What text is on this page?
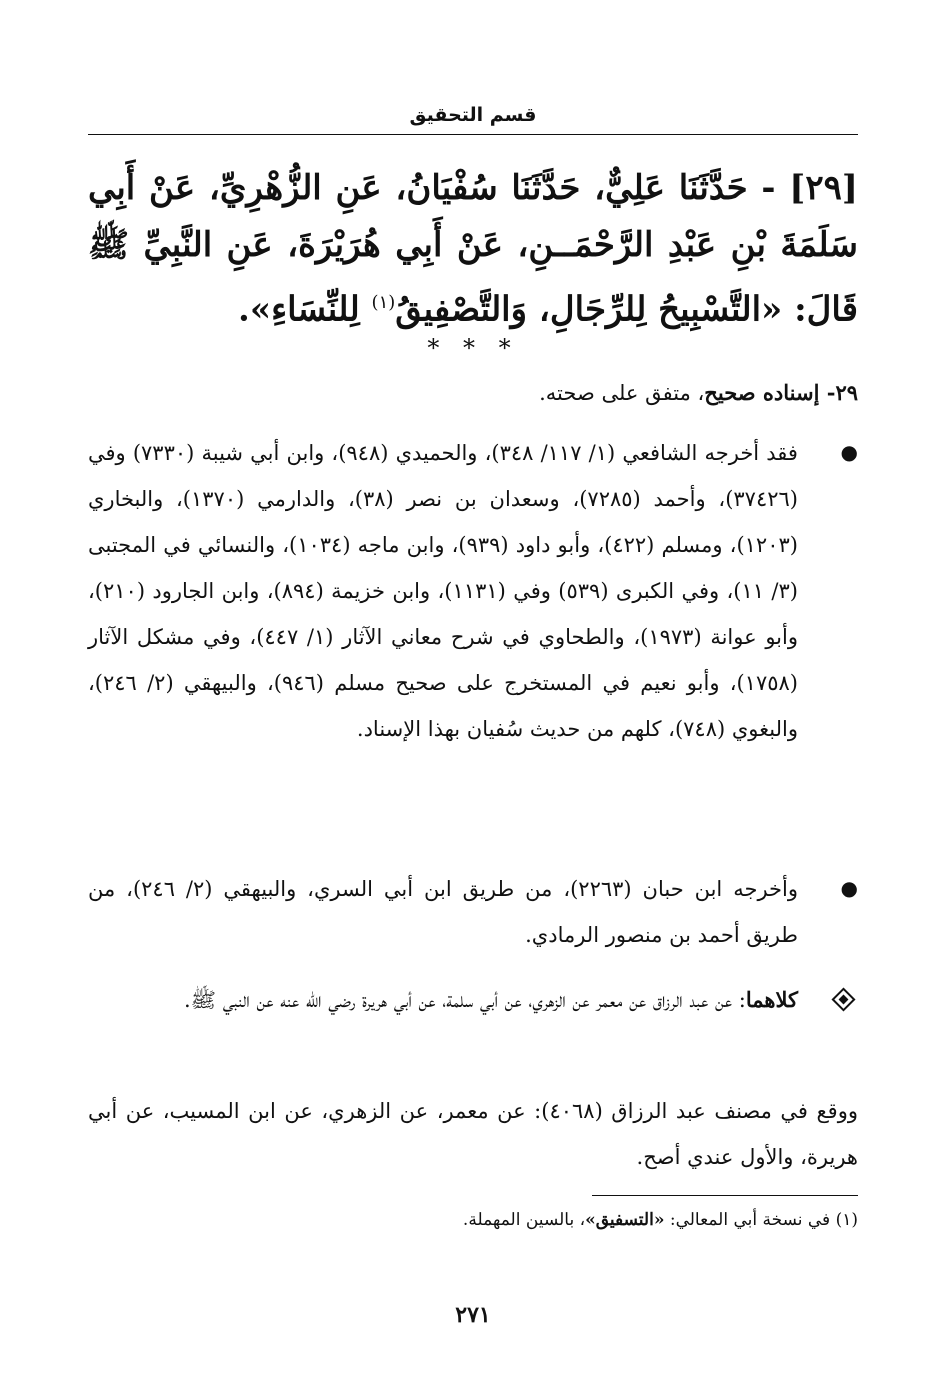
قسم التحقيق
[٢٩] - حَدَّثَنَا عَلِيٌّ، حَدَّثَنَا سُفْيَانُ، عَنِ الزُّهْرِيِّ، عَنْ أَبِي سَلَمَةَ بْنِ عَبْدِ الرَّحْمَــنِ، عَنْ أَبِي هُرَيْرَةَ، عَنِ النَّبِيِّ ﷺ قَالَ: «التَّسْبِيحُ لِلرِّجَالِ، وَالتَّصْفِيقُ$^{(١)}$ لِلنِّسَاءِ».
* * *
٢٩- إسناده صحيح، متفق على صحته.
●
فقد أخرجه الشافعي (١/ ١١٧/ ٣٤٨)، والحميدي (٩٤٨)، وابن أبي شيبة (٧٣٣٠) وفي (٣٧٤٢٦)، وأحمد (٧٢٨٥)، وسعدان بن نصر (٣٨)، والدارمي (١٣٧٠)، والبخاري (١٢٠٣)، ومسلم (٤٢٢)، وأبو داود (٩٣٩)، وابن ماجه (١٠٣٤)، والنسائي في المجتبى (٣/ ١١)، وفي الكبرى (٥٣٩) وفي (١١٣١)، وابن خزيمة (٨٩٤)، وابن الجارود (٢١٠)، وأبو عوانة (١٩٧٣)، والطحاوي في شرح معاني الآثار (١/ ٤٤٧)، وفي مشكل الآثار (١٧٥٨)، وأبو نعيم في المستخرج على صحيح مسلم (٩٤٦)، والبيهقي (٢/ ٢٤٦)، والبغوي (٧٤٨)، كلهم من حديث سُفيان بهذا الإسناد.
●
وأخرجه ابن حبان (٢٢٦٣)، من طريق ابن أبي السري، والبيهقي (٢/ ٢٤٦)، من طريق أحمد بن منصور الرمادي.
كلاهما: عن عبد الرزاق عن معمر عن الزهري، عن أبي سلمة، عن أبي هريرة رضي الله عنه عن النبي ﷺ.
ووقع في مصنف عبد الرزاق (٤٠٦٨): عن معمر، عن الزهري، عن ابن المسيب، عن أبي هريرة، والأول عندي أصح.
(١) في نسخة أبي المعالي: «التسفيق»، بالسين المهملة.
٢٧١
